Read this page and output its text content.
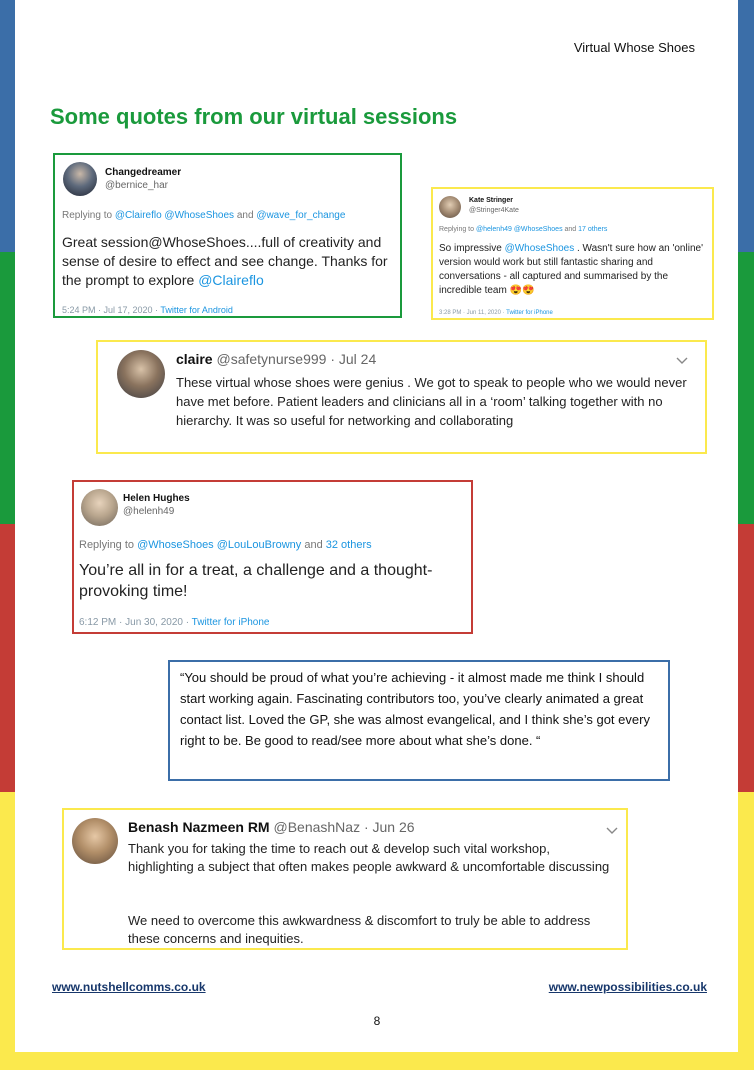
Virtual Whose Shoes
Some quotes from our virtual sessions
Changedreamer
@bernice_har
Replying to @Claireflo @WhoseShoes and @wave_for_change
Great session@WhoseShoes....full of creativity and sense of desire to effect and see change. Thanks for the prompt to explore @Claireflo
5:24 PM · Jul 17, 2020 · Twitter for Android
Kate Stringer
@Stringer4Kate
Replying to @helenh49 @WhoseShoes and 17 others
So impressive @WhoseShoes . Wasn't sure how an 'online' version would work but still fantastic sharing and conversations - all captured and summarised by the incredible team 😍😍
3:28 PM · Jun 11, 2020 · Twitter for iPhone
claire @safetynurse999 · Jul 24
These virtual whose shoes were genius . We got to speak to people who we would never have met before. Patient leaders and clinicians all in a ‘room’ talking together with no hierarchy. It was so useful for networking and collaborating
Helen Hughes
@helenh49
Replying to @WhoseShoes @LouLouBrowny and 32 others
You’re all in for a treat, a challenge and a thought-provoking time!
6:12 PM · Jun 30, 2020 · Twitter for iPhone
“You should be proud of what you’re achieving - it almost made me think I should start working again. Fascinating contributors too, you’ve clearly animated a great contact list. Loved the GP, she was almost evangelical, and I think she’s got every right to be. Be good to read/see more about what she’s done. “
Benash Nazmeen RM @BenashNaz · Jun 26
Thank you for taking the time to reach out & develop such vital workshop, highlighting a subject that often makes people awkward & uncomfortable discussing
We need to overcome this awkwardness & discomfort to truly be able to address these concerns and inequities.
www.nutshellcomms.co.uk	www.newpossibilities.co.uk
8
